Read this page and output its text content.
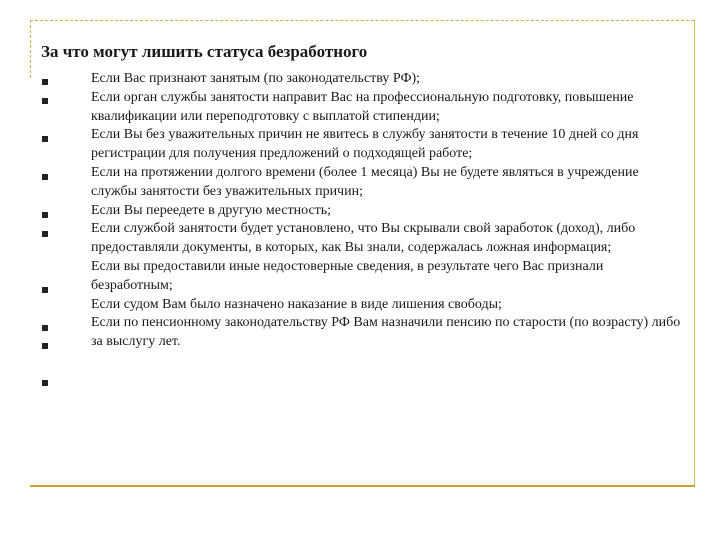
За что могут лишить статуса безработного

Если Вас признают занятым (по законодательству РФ);

Если орган службы занятости направит Вас на профессиональную подготовку, повышение квалификации или переподготовку с выплатой стипендии;

Если Вы без уважительных причин не явитесь в службу занятости в течение 10 дней со дня регистрации для получения предложений о подходящей работе;

Если на протяжении долгого времени (более 1 месяца) Вы не будете являться в учреждение службы занятости без уважительных причин;

Если Вы переедете в другую местность;

Если службой занятости будет установлено, что Вы скрывали свой заработок (доход), либо предоставляли документы, в которых, как Вы знали, содержалась ложная информация;

Если вы предоставили иные недостоверные сведения, в результате чего Вас признали безработным;

Если судом Вам было назначено наказание в виде лишения свободы;

Если по пенсионному законодательству РФ Вам назначили пенсию по старости (по возрасту) либо за выслугу лет.
